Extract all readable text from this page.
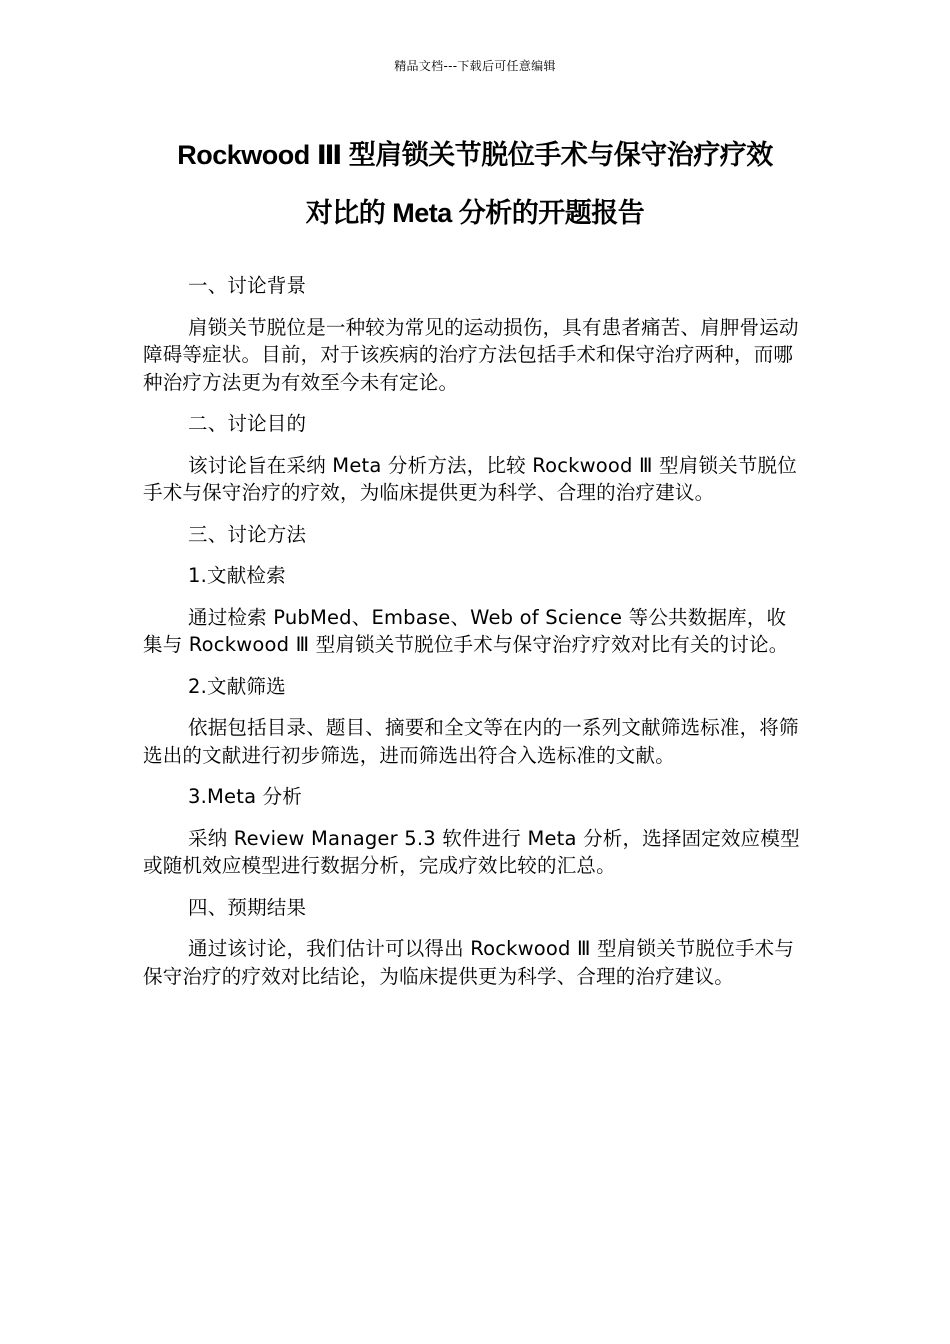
精品文档---下载后可任意编辑
Rockwood Ⅲ 型肩锁关节脱位手术与保守治疗疗效
对比的 Meta 分析的开题报告

一、讨论背景

肩锁关节脱位是一种较为常见的运动损伤，具有患者痛苦、肩胛骨运动障碍等症状。目前，对于该疾病的治疗方法包括手术和保守治疗两种，而哪种治疗方法更为有效至今未有定论。

二、讨论目的

该讨论旨在采纳 Meta 分析方法，比较 Rockwood Ⅲ 型肩锁关节脱位手术与保守治疗的疗效，为临床提供更为科学、合理的治疗建议。

三、讨论方法

1.文献检索

通过检索 PubMed、Embase、Web of Science 等公共数据库，收集与 Rockwood Ⅲ 型肩锁关节脱位手术与保守治疗疗效对比有关的讨论。

2.文献筛选

依据包括目录、题目、摘要和全文等在内的一系列文献筛选标准，将筛选出的文献进行初步筛选，进而筛选出符合入选标准的文献。

3.Meta 分析

采纳 Review Manager 5.3 软件进行 Meta 分析，选择固定效应模型或随机效应模型进行数据分析，完成疗效比较的汇总。

四、预期结果

通过该讨论，我们估计可以得出 Rockwood Ⅲ 型肩锁关节脱位手术与保守治疗的疗效对比结论，为临床提供更为科学、合理的治疗建议。
